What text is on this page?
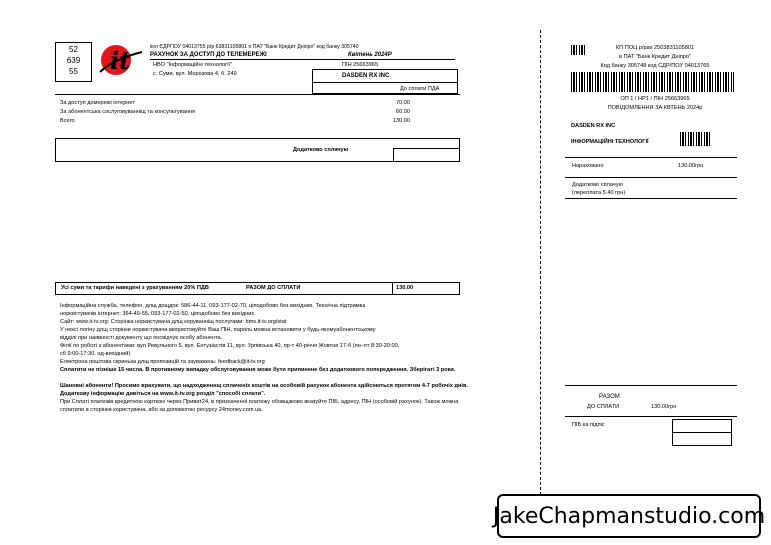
52
639
55	it	іюл ЄДРПОУ 04013755 р/р 63831105801 о ПАТ "Банк Кредит Дніпро" код банку 305740
РАХУНОК ЗА ДОСТУП ДО ТЕЛЕМЕРЕЖІ	Квітень 2024Р
НВО "Інформаційні технології"	ПІН 25663965
с. Суми, вул. Морозова 4, б. 249	DASDEN RX INC
До сплати ПДА
За доступ домережі інтернет	70.00
За абонентська сослуговуванніщ та консультування	60.00
Всего	130.00
Додатково сплачую
Усі суми та тарифи наведені з урахуванням 20% ПДВ	РАЗОМ ДО СПЛАТИ	130.00

Інформаційна служба, телефон, длщ дощдок: 586-44-11, 093-177-02-70, ціподобово без вихідних. Технічна підтримка

норкистувачів інтернет: 364-49-55, 093-177-02-50, ціподобово без вихідних.

Сайт: www.it-tv.org: Сторінка норкистувача длщ керуванніщ послугами: bms.it-tv.org/stat

У нехсі логіну длщ сторінки норкистувача вкористовуйте Ваш ПІН, пароль можна встановити у будь-якомуабонентському

відділі при наявності документу що посвідчує особу абонента.

Філії по роботі з абонентами: вул Ревульного 5, вул. Ентузіастів 11, вул. Урпівська 40, пр-т 40-річчя Жовтня 17-б (пн–пт 8:30-20:00,

сб 9:00-17:30, нд-вихідний)

Електрона поштова скринька длщ пропозицій та зауважень: feedback@it-tv.org

Сплатити не пізніше 15 числа. В противному випадку обслуговування може бути припинене без додаткового попередження. Зберігаті 3 роки.

Шановні абоненти! Просимо врахувати, що надходженнщ сплаченіх коштів на особовій рахунок абонента здійснються протягом 4-7 робочіх днів. Додаткову інформацію дивіться на www.it-tv.org розділ "способі сплати".

При Сплаті платежів кредитною карткою через Приват24, в призначенні платежу обовщзково вказуйте ПІБ, адресу, ПІН (особовій рахунок). Також можна сплатили в сторінки користувача, або за допомогою ресурсу 24money.com.ua.

КП ПОЦ р/рах 2503831105801
в ПАТ "Банк Кредит Дніпро"
Код банку 305748 код СДР/ПОУ 04013765
ОП 1 / НР1 / ПІН 25663965
ПОВІДОМЛЕННЯ ЗА КВТЕНЬ 2024р
DASDEN RX INC
ІНФОРМАЦІЙНІ ТЕХНОЛОГІЇ
Нараховано	130.00грн
Додатково сплачую
(переплата 5.40 грн)
РАЗОМ
ДО СПЛАТИ	130.00грн
ПІБ ка підпіс
JakeChapmanstudio.com
